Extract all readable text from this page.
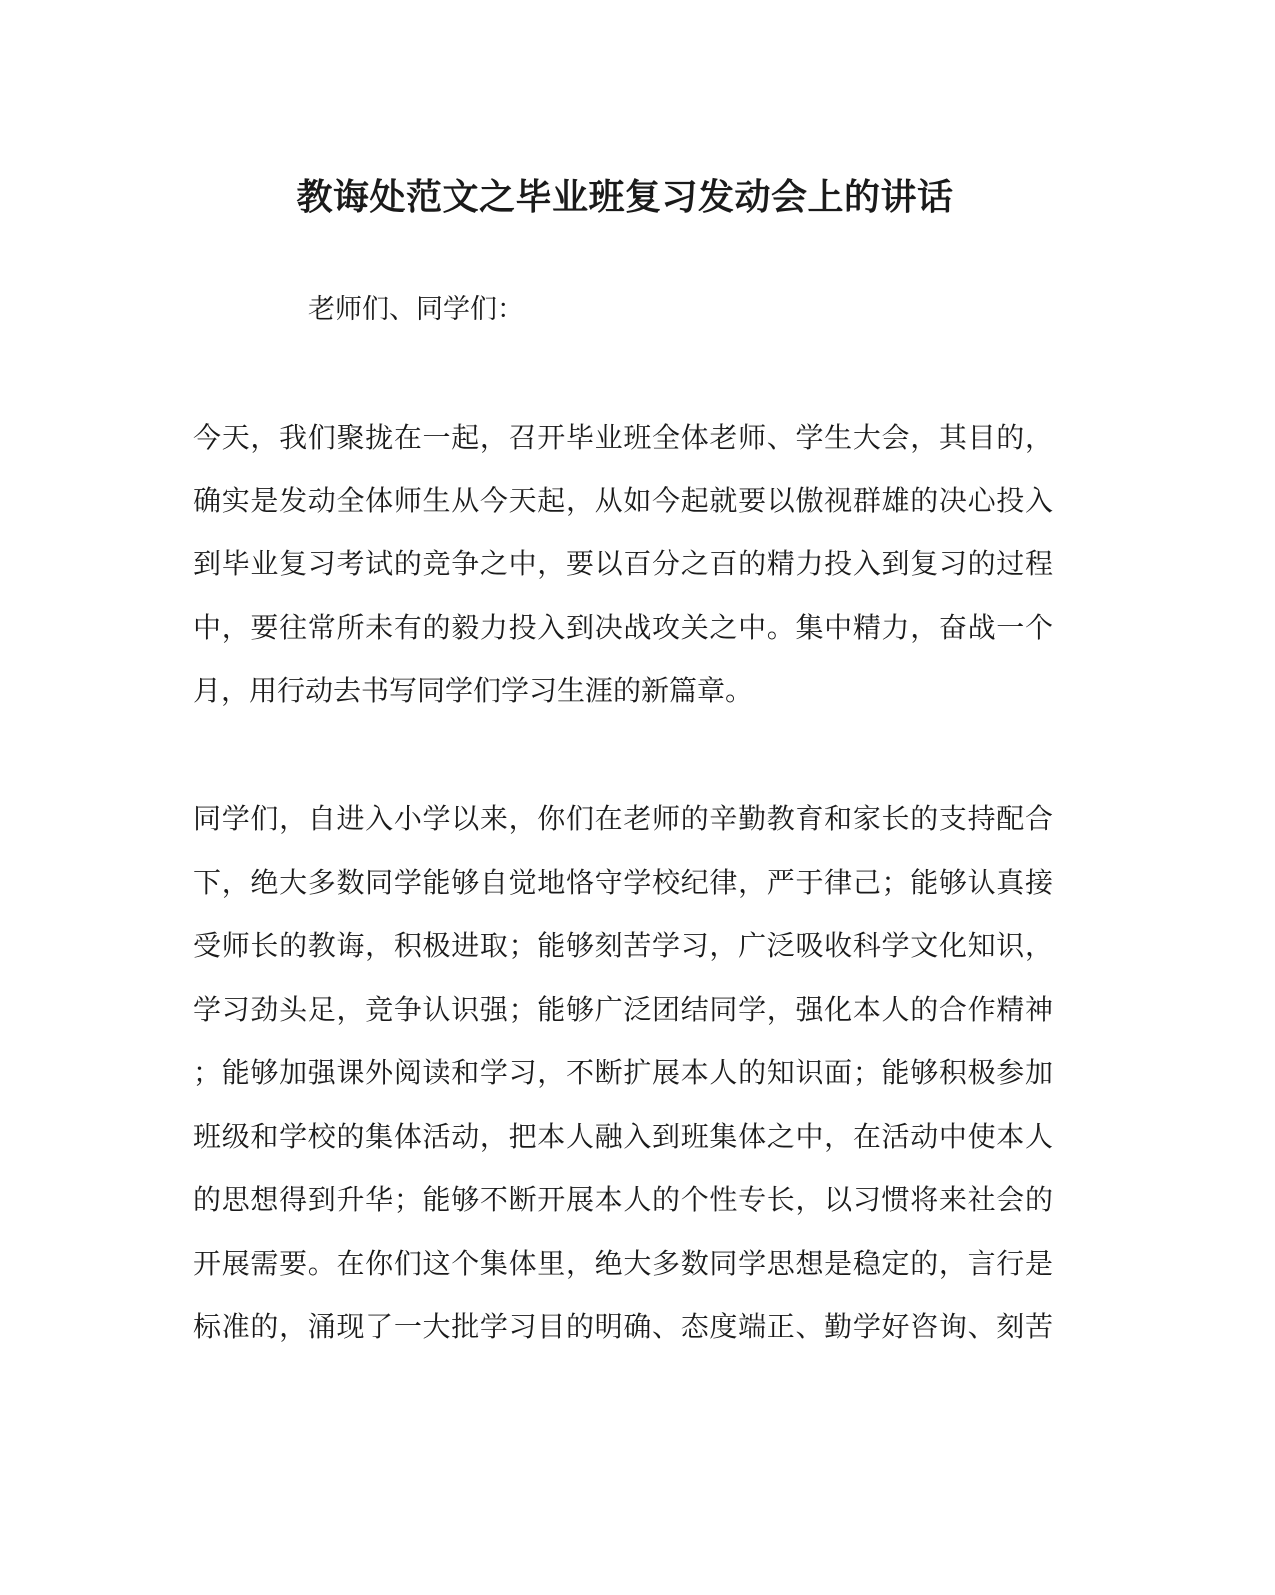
教诲处范文之毕业班复习发动会上的讲话
老师们、同学们：
今天，我们聚拢在一起，召开毕业班全体老师、学生大会，其目的，
确实是发动全体师生从今天起，从如今起就要以傲视群雄的决心投入
到毕业复习考试的竞争之中，要以百分之百的精力投入到复习的过程
中，要往常所未有的毅力投入到决战攻关之中。集中精力，奋战一个
月，用行动去书写同学们学习生涯的新篇章。
同学们，自进入小学以来，你们在老师的辛勤教育和家长的支持配合
下，绝大多数同学能够自觉地恪守学校纪律，严于律己；能够认真接
受师长的教诲，积极进取；能够刻苦学习，广泛吸收科学文化知识，
学习劲头足，竞争认识强；能够广泛团结同学，强化本人的合作精神
；能够加强课外阅读和学习，不断扩展本人的知识面；能够积极参加
班级和学校的集体活动，把本人融入到班集体之中，在活动中使本人
的思想得到升华；能够不断开展本人的个性专长，以习惯将来社会的
开展需要。在你们这个集体里，绝大多数同学思想是稳定的，言行是
标准的，涌现了一大批学习目的明确、态度端正、勤学好咨询、刻苦
